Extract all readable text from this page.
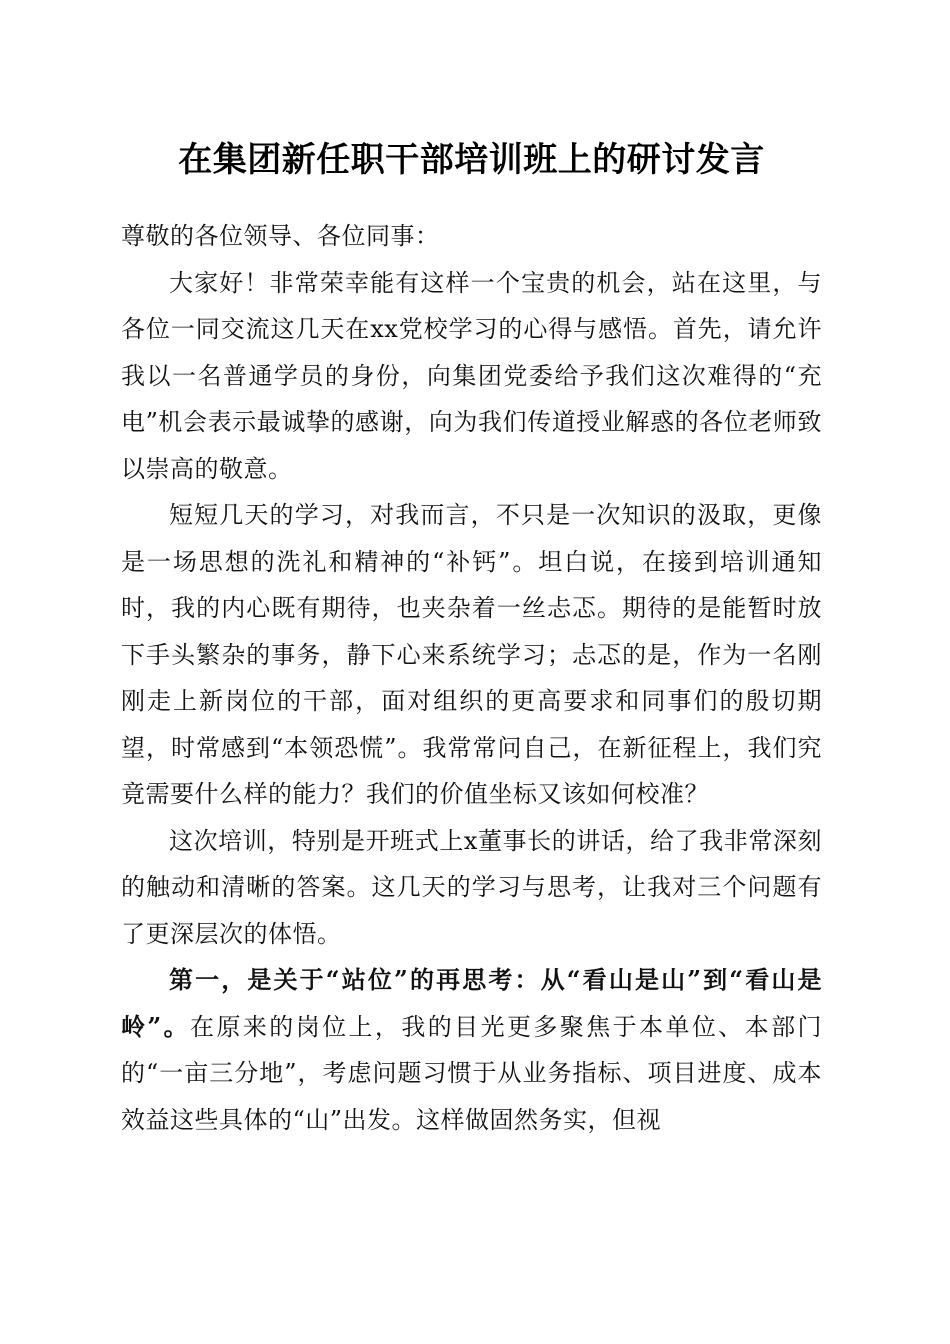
在集团新任职干部培训班上的研讨发言

尊敬的各位领导、各位同事：

大家好！非常荣幸能有这样一个宝贵的机会，站在这里，与各位一同交流这几天在xx党校学习的心得与感悟。首先，请允许我以一名普通学员的身份，向集团党委给予我们这次难得的“充电”机会表示最诚挚的感谢，向为我们传道授业解惑的各位老师致以崇高的敬意。

短短几天的学习，对我而言，不只是一次知识的汲取，更像是一场思想的洗礼和精神的“补钙”。坦白说，在接到培训通知时，我的内心既有期待，也夹杂着一丝忐忑。期待的是能暂时放下手头繁杂的事务，静下心来系统学习；忐忑的是，作为一名刚刚走上新岗位的干部，面对组织的更高要求和同事们的殷切期望，时常感到“本领恐慌”。我常常问自己，在新征程上，我们究竟需要什么样的能力？我们的价值坐标又该如何校准？

这次培训，特别是开班式上x董事长的讲话，给了我非常深刻的触动和清晰的答案。这几天的学习与思考，让我对三个问题有了更深层次的体悟。

第一，是关于“站位”的再思考：从“看山是山”到“看山是岭”。在原来的岗位上，我的目光更多聚焦于本单位、本部门的“一亩三分地”，考虑问题习惯于从业务指标、项目进度、成本效益这些具体的“山”出发。这样做固然务实，但视
